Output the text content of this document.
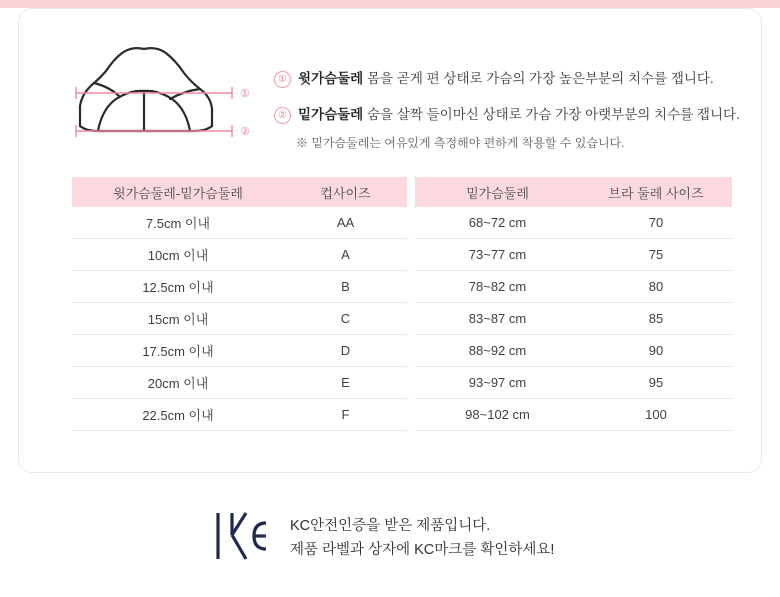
①
②
① 윗가슴둘레 몸을 곧게 편 상태로 가슴의 가장 높은부분의 치수를 잽니다.
② 밑가슴둘레 숨을 살짝 들이마신 상태로 가슴 가장 아랫부분의 치수를 잽니다.
※ 밑가슴둘레는 여유있게 측정해야 편하게 착용할 수 있습니다.
윗가슴둘레-밑가슴둘레	컵사이즈
7.5cm 이내	AA
10cm 이내	A
12.5cm 이내	B
15cm 이내	C
17.5cm 이내	D
20cm 이내	E
22.5cm 이내	F
밑가슴둘레	브라 둘레 사이즈
68~72 cm	70
73~77 cm	75
78~82 cm	80
83~87 cm	85
88~92 cm	90
93~97 cm	95
98~102 cm	100
KC안전인증을 받은 제품입니다.
제품 라벨과 상자에 KC마크를 확인하세요!
